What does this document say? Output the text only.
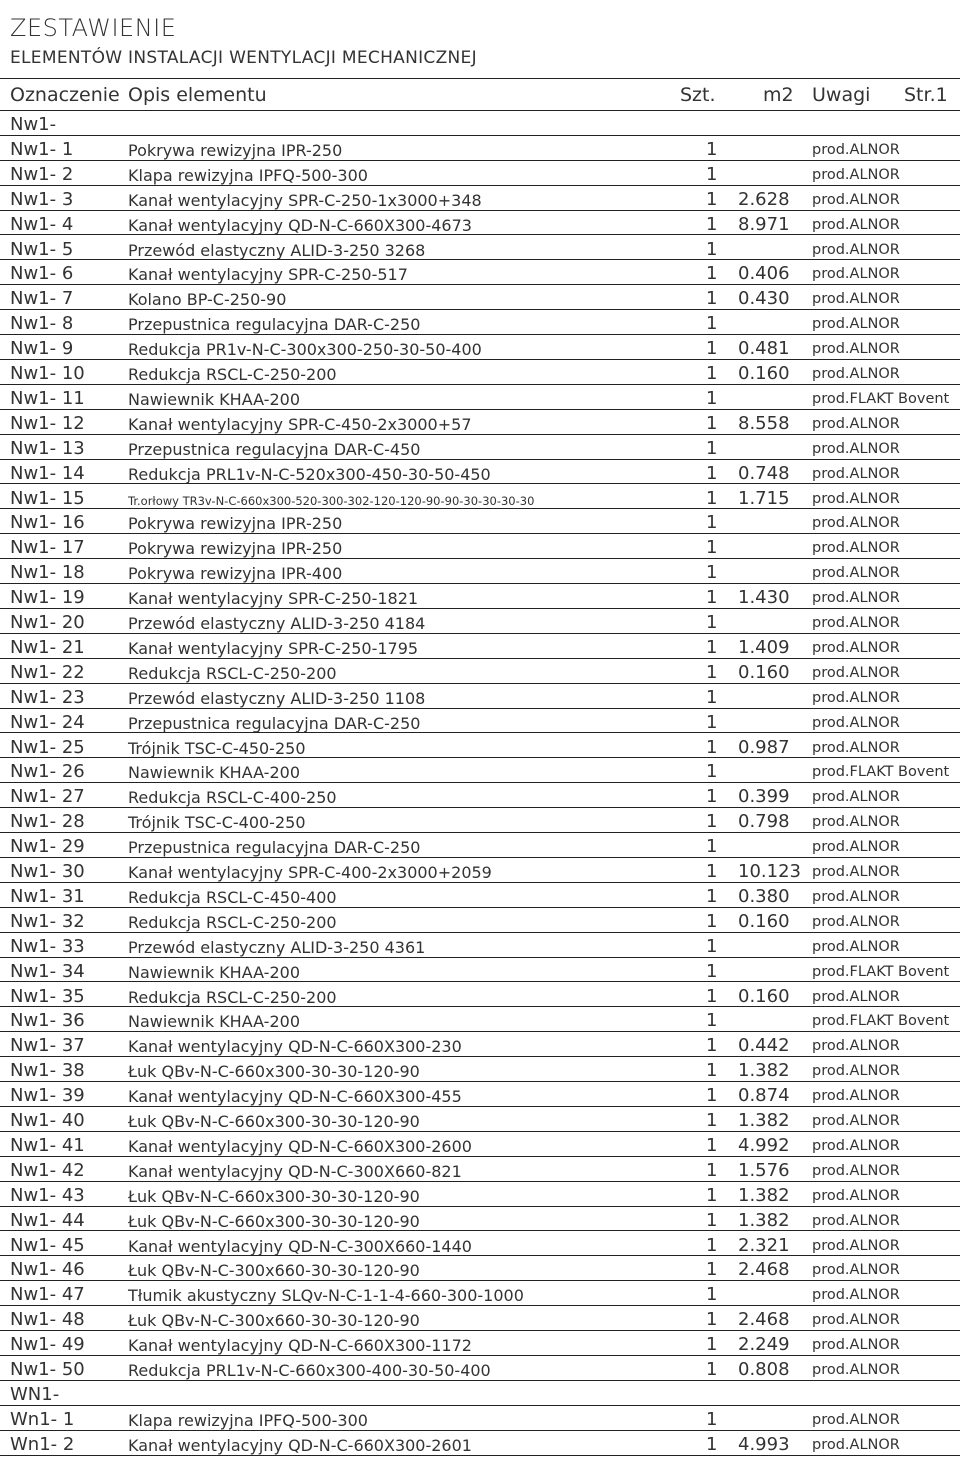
ZESTAWIENIE
ELEMENTÓW INSTALACJI WENTYLACJI MECHANICZNEJ
Oznaczenie Opis elementu	Szt. m2 Uwagi Str.1
Nw1-
Nw1- 1	Pokrywa rewizyjna IPR-250	1	prod.ALNOR
Nw1- 2	Klapa rewizyjna IPFQ-500-300	1	prod.ALNOR
Nw1- 3	Kanał wentylacyjny SPR-C-250-1x3000+348	1 2.628 prod.ALNOR
Nw1- 4	Kanał wentylacyjny QD-N-C-660X300-4673	1 8.971 prod.ALNOR
Nw1- 5	Przewód elastyczny ALID-3-250 3268	1	prod.ALNOR
Nw1- 6	Kanał wentylacyjny SPR-C-250-517	1 0.406 prod.ALNOR
Nw1- 7	Kolano BP-C-250-90	1 0.430 prod.ALNOR
Nw1- 8	Przepustnica regulacyjna DAR-C-250	1	prod.ALNOR
Nw1- 9	Redukcja PR1v-N-C-300x300-250-30-50-400	1 0.481 prod.ALNOR
Nw1- 10	Redukcja RSCL-C-250-200	1 0.160 prod.ALNOR
Nw1- 11	Nawiewnik KHAA-200	1	prod.FLAKT Bovent
Nw1- 12	Kanał wentylacyjny SPR-C-450-2x3000+57	1 8.558 prod.ALNOR
Nw1- 13	Przepustnica regulacyjna DAR-C-450	1	prod.ALNOR
Nw1- 14	Redukcja PRL1v-N-C-520x300-450-30-50-450	1 0.748 prod.ALNOR
Nw1- 15	Tr.orłowy TR3v-N-C-660x300-520-300-302-120-120-90-90-30-30-30-30	1 1.715 prod.ALNOR
Nw1- 16	Pokrywa rewizyjna IPR-250	1	prod.ALNOR
Nw1- 17	Pokrywa rewizyjna IPR-250	1	prod.ALNOR
Nw1- 18	Pokrywa rewizyjna IPR-400	1	prod.ALNOR
Nw1- 19	Kanał wentylacyjny SPR-C-250-1821	1 1.430 prod.ALNOR
Nw1- 20	Przewód elastyczny ALID-3-250 4184	1	prod.ALNOR
Nw1- 21	Kanał wentylacyjny SPR-C-250-1795	1 1.409 prod.ALNOR
Nw1- 22	Redukcja RSCL-C-250-200	1 0.160 prod.ALNOR
Nw1- 23	Przewód elastyczny ALID-3-250 1108	1	prod.ALNOR
Nw1- 24	Przepustnica regulacyjna DAR-C-250	1	prod.ALNOR
Nw1- 25	Trójnik TSC-C-450-250	1 0.987 prod.ALNOR
Nw1- 26	Nawiewnik KHAA-200	1	prod.FLAKT Bovent
Nw1- 27	Redukcja RSCL-C-400-250	1 0.399 prod.ALNOR
Nw1- 28	Trójnik TSC-C-400-250	1 0.798 prod.ALNOR
Nw1- 29	Przepustnica regulacyjna DAR-C-250	1	prod.ALNOR
Nw1- 30	Kanał wentylacyjny SPR-C-400-2x3000+2059	1 10.123 prod.ALNOR
Nw1- 31	Redukcja RSCL-C-450-400	1 0.380 prod.ALNOR
Nw1- 32	Redukcja RSCL-C-250-200	1 0.160 prod.ALNOR
Nw1- 33	Przewód elastyczny ALID-3-250 4361	1	prod.ALNOR
Nw1- 34	Nawiewnik KHAA-200	1	prod.FLAKT Bovent
Nw1- 35	Redukcja RSCL-C-250-200	1 0.160 prod.ALNOR
Nw1- 36	Nawiewnik KHAA-200	1	prod.FLAKT Bovent
Nw1- 37	Kanał wentylacyjny QD-N-C-660X300-230	1 0.442 prod.ALNOR
Nw1- 38	Łuk QBv-N-C-660x300-30-30-120-90	1 1.382 prod.ALNOR
Nw1- 39	Kanał wentylacyjny QD-N-C-660X300-455	1 0.874 prod.ALNOR
Nw1- 40	Łuk QBv-N-C-660x300-30-30-120-90	1 1.382 prod.ALNOR
Nw1- 41	Kanał wentylacyjny QD-N-C-660X300-2600	1 4.992 prod.ALNOR
Nw1- 42	Kanał wentylacyjny QD-N-C-300X660-821	1 1.576 prod.ALNOR
Nw1- 43	Łuk QBv-N-C-660x300-30-30-120-90	1 1.382 prod.ALNOR
Nw1- 44	Łuk QBv-N-C-660x300-30-30-120-90	1 1.382 prod.ALNOR
Nw1- 45	Kanał wentylacyjny QD-N-C-300X660-1440	1 2.321 prod.ALNOR
Nw1- 46	Łuk QBv-N-C-300x660-30-30-120-90	1 2.468 prod.ALNOR
Nw1- 47	Tłumik akustyczny SLQv-N-C-1-1-4-660-300-1000	1	prod.ALNOR
Nw1- 48	Łuk QBv-N-C-300x660-30-30-120-90	1 2.468 prod.ALNOR
Nw1- 49	Kanał wentylacyjny QD-N-C-660X300-1172	1 2.249 prod.ALNOR
Nw1- 50	Redukcja PRL1v-N-C-660x300-400-30-50-400	1 0.808 prod.ALNOR
WN1-
Wn1- 1	Klapa rewizyjna IPFQ-500-300	1	prod.ALNOR
Wn1- 2	Kanał wentylacyjny QD-N-C-660X300-2601	1 4.993 prod.ALNOR
